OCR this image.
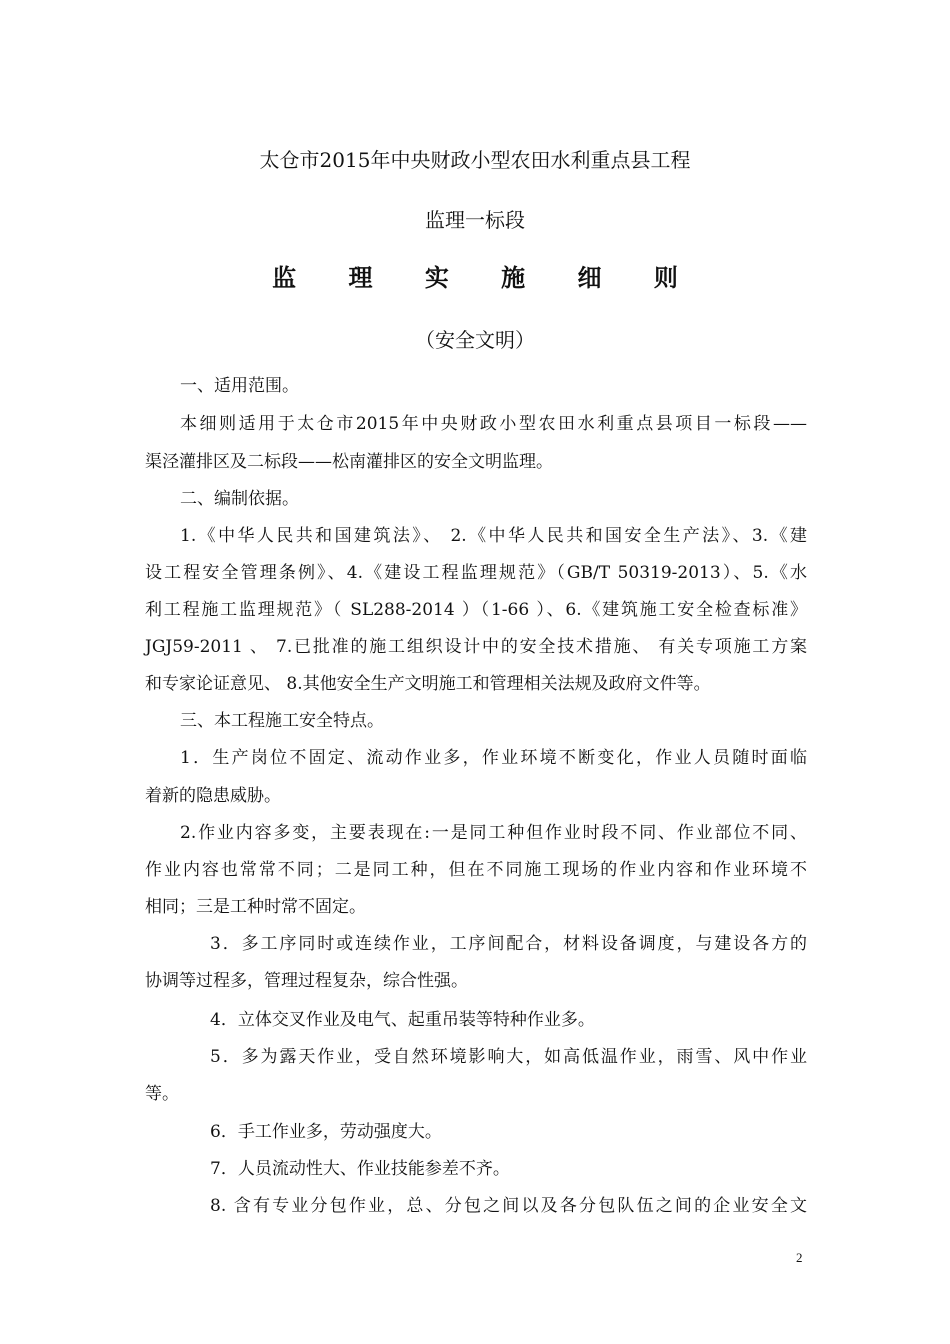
太仓市2015年中央财政小型农田水利重点县工程
监理一标段
监 理 实 施 细 则
（安全文明）
一、适用范围。
本细则适用于太仓市2015年中央财政小型农田水利重点县项目一标段——
渠泾灌排区及二标段——松南灌排区的安全文明监理。
二、编制依据。
1.《中华人民共和国建筑法》、 2.《中华人民共和国安全生产法》、3.《建
设工程安全管理条例》、4.《建设工程监理规范》（GB/T 50319-2013）、5.《水
利工程施工监理规范》（ SL288-2014 ）（1-66 ）、6.《建筑施工安全检查标准》
JGJ59-2011 、 7.已批准的施工组织设计中的安全技术措施、 有关专项施工方案
和专家论证意见、 8.其他安全生产文明施工和管理相关法规及政府文件等。
三、本工程施工安全特点。
1．生产岗位不固定、流动作业多，作业环境不断变化，作业人员随时面临
着新的隐患威胁。
2.作业内容多变，主要表现在:一是同工种但作业时段不同、作业部位不同、
作业内容也常常不同；二是同工种，但在不同施工现场的作业内容和作业环境不
相同；三是工种时常不固定。
3．多工序同时或连续作业，工序间配合，材料设备调度，与建设各方的
协调等过程多，管理过程复杂，综合性强。
4．立体交叉作业及电气、起重吊装等特种作业多。
5．多为露天作业，受自然环境影响大，如高低温作业，雨雪、风中作业
等。
6．手工作业多，劳动强度大。
7．人员流动性大、作业技能参差不齐。
8. 含有专业分包作业，总、分包之间以及各分包队伍之间的企业安全文
2
